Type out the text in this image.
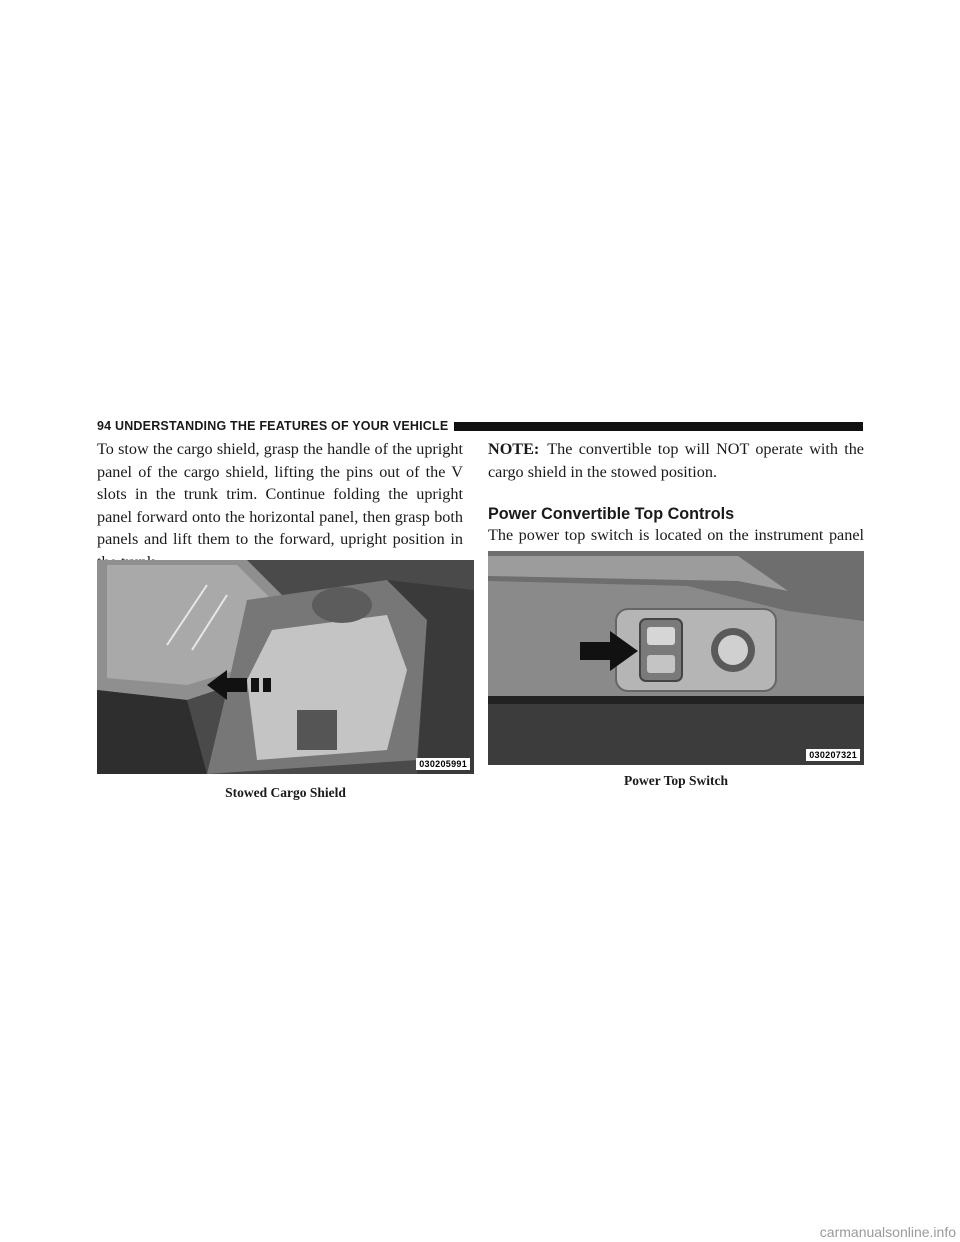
94 UNDERSTANDING THE FEATURES OF YOUR VEHICLE

To stow the cargo shield, grasp the handle of the upright panel of the cargo shield, lifting the pins out of the V slots in the trunk trim. Continue folding the upright panel forward onto the horizontal panel, then grasp both panels and lift them to the forward, upright position in

030205991
Stowed Cargo Shield

NOTE: The convertible top will NOT operate with the cargo shield in the stowed position.

Power Convertible Top Controls

The power top switch is located on the instrument panel

030207321
Power Top Switch
carmanualsonline.info
